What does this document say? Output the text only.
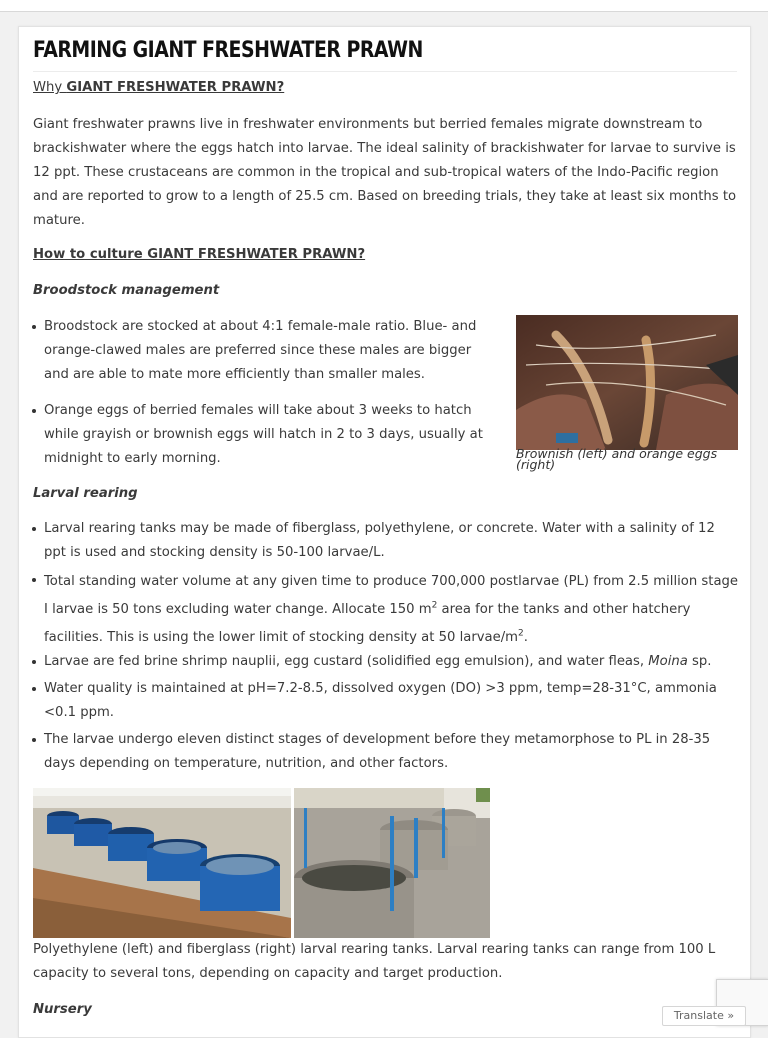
FARMING GIANT FRESHWATER PRAWN
Why GIANT FRESHWATER PRAWN?

Giant freshwater prawns live in freshwater environments but berried females migrate downstream to brackishwater where the eggs hatch into larvae. The ideal salinity of brackishwater for larvae to survive is 12 ppt. These crustaceans are common in the tropical and sub-tropical waters of the Indo-Pacific region and are reported to grow to a length of 25.5 cm. Based on breeding trials, they take at least six months to mature.

How to culture GIANT FRESHWATER PRAWN?
Broodstock management
Broodstock are stocked at about 4:1 female-male ratio. Blue- and orange-clawed males are preferred since these males are bigger and are able to mate more efficiently than smaller males.
Orange eggs of berried females will take about 3 weeks to hatch while grayish or brownish eggs will hatch in 2 to 3 days, usually at midnight to early morning.	Brownish (left) and orange eggs (right)
Larval rearing
Larval rearing tanks may be made of fiberglass, polyethylene, or concrete. Water with a salinity of 12 ppt is used and stocking density is 50-100 larvae/L.
Total standing water volume at any given time to produce 700,000 postlarvae (PL) from 2.5 million stage I larvae is 50 tons excluding water change. Allocate 150 $m^2$ area for the tanks and other hatchery facilities. This is using the lower limit of stocking density at 50 larvae/$m^2$.
Larvae are fed brine shrimp nauplii, egg custard (solidified egg emulsion), and water fleas, Moina sp.
Water quality is maintained at pH=7.2-8.5, dissolved oxygen (DO) >3 ppm, temp=28-31°C, ammonia <0.1 ppm.
The larvae undergo eleven distinct stages of development before they metamorphose to PL in 28-35 days depending on temperature, nutrition, and other factors.

Polyethylene (left) and fiberglass (right) larval rearing tanks. Larval rearing tanks can range from 100 L capacity to several tons, depending on capacity and target production.

Nursery	Translate »
